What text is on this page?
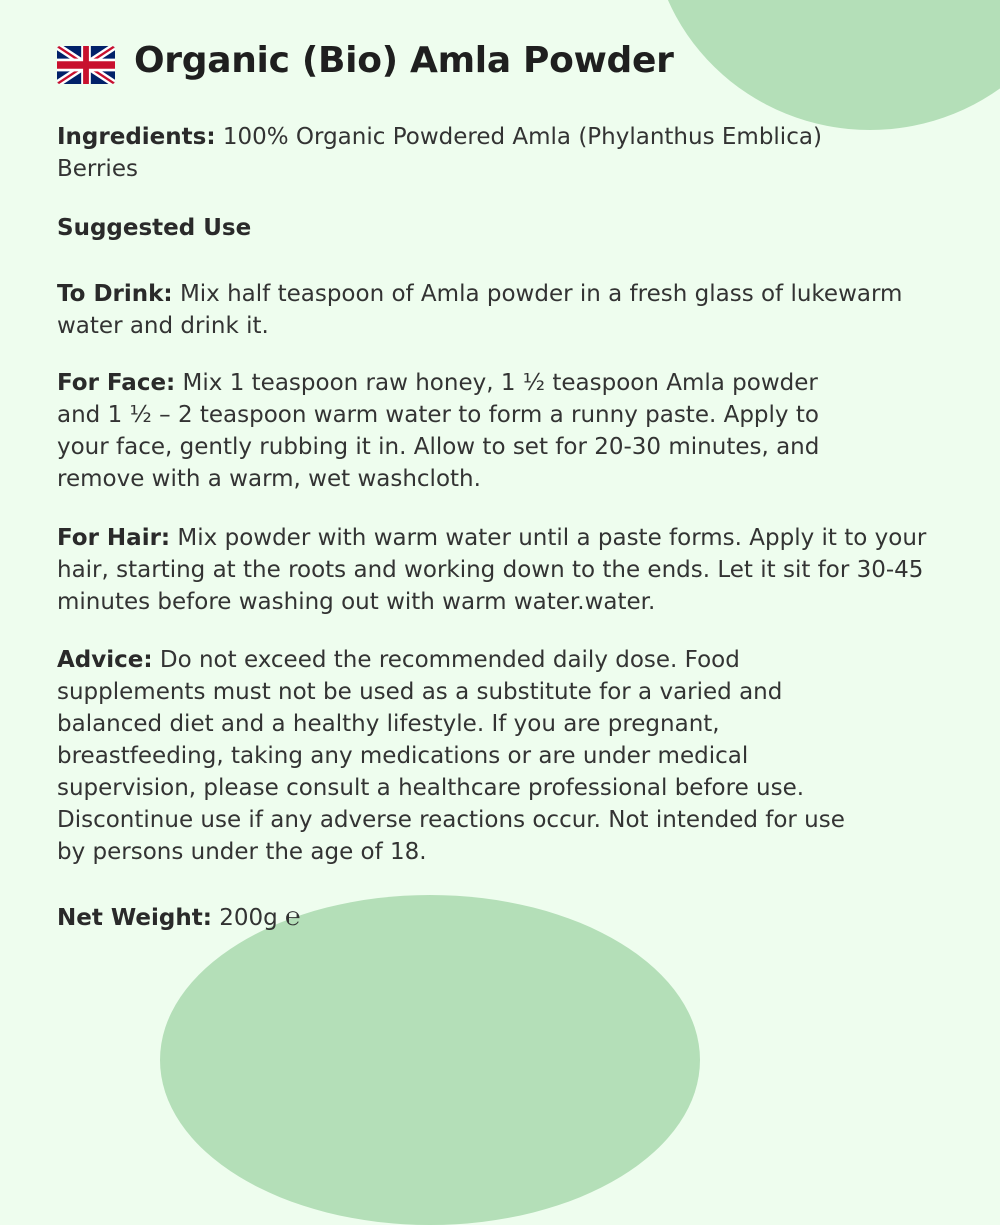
Organic (Bio) Amla Powder

Ingredients: 100% Organic Powdered Amla (Phylanthus Emblica) Berries

Suggested Use

To Drink: Mix half teaspoon of Amla powder in a fresh glass of lukewarm water and drink it.

For Face: Mix 1 teaspoon raw honey, 1 ½ teaspoon Amla powder and 1 ½ – 2 teaspoon warm water to form a runny paste. Apply to your face, gently rubbing it in. Allow to set for 20-30 minutes, and remove with a warm, wet washcloth.

For Hair: Mix powder with warm water until a paste forms. Apply it to your hair, starting at the roots and working down to the ends. Let it sit for 30-45 minutes before washing out with warm water.water.

Advice: Do not exceed the recommended daily dose. Food supplements must not be used as a substitute for a varied and balanced diet and a healthy lifestyle. If you are pregnant, breastfeeding, taking any medications or are under medical supervision, please consult a healthcare professional before use. Discontinue use if any adverse reactions occur. Not intended for use by persons under the age of 18.

Net Weight: 200g ℮
